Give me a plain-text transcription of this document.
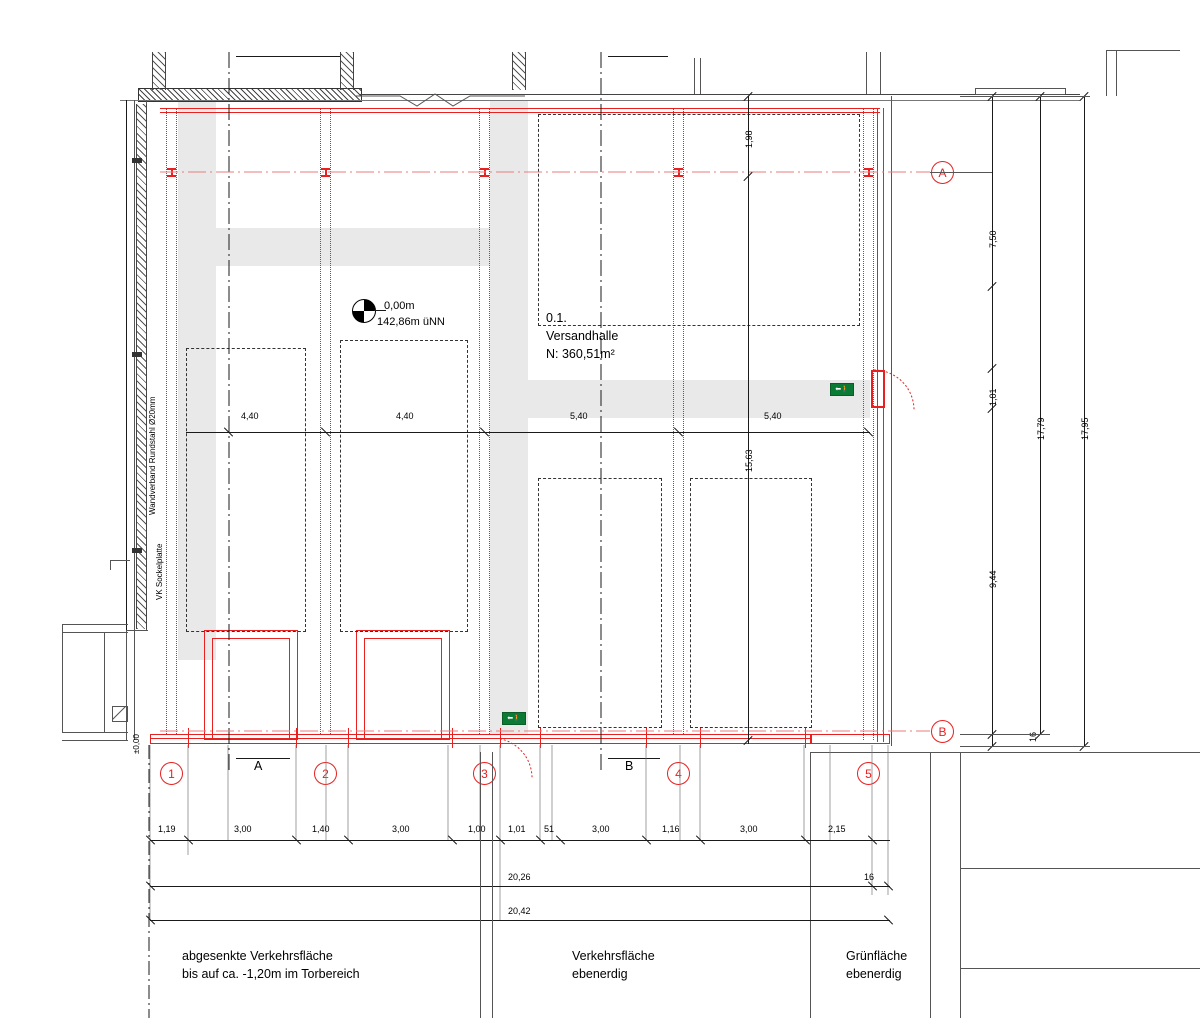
4,40	4,40	5,40	5,40
1,98
15,63
A
B
1	2	3	4	5
A	B
0.1.
Versandhalle
N: 360,51m²
0,00m
142,86m üNN
⬅🚶
⬅🚶
Wandverband Rundstahl Ø20mm
VK Sockelplatte
7,50
1,01
9,44
16
17,79	17,95
1,19	3,00	1,40	3,00	1,00 1,01 51	3,00	1,16	3,00	2,15
20,26	16
20,42
abgesenkte Verkehrsfläche
bis auf ca. -1,20m im Torbereich
Verkehrsfläche
ebenerdig
Grünfläche
ebenerdig
±0,00
